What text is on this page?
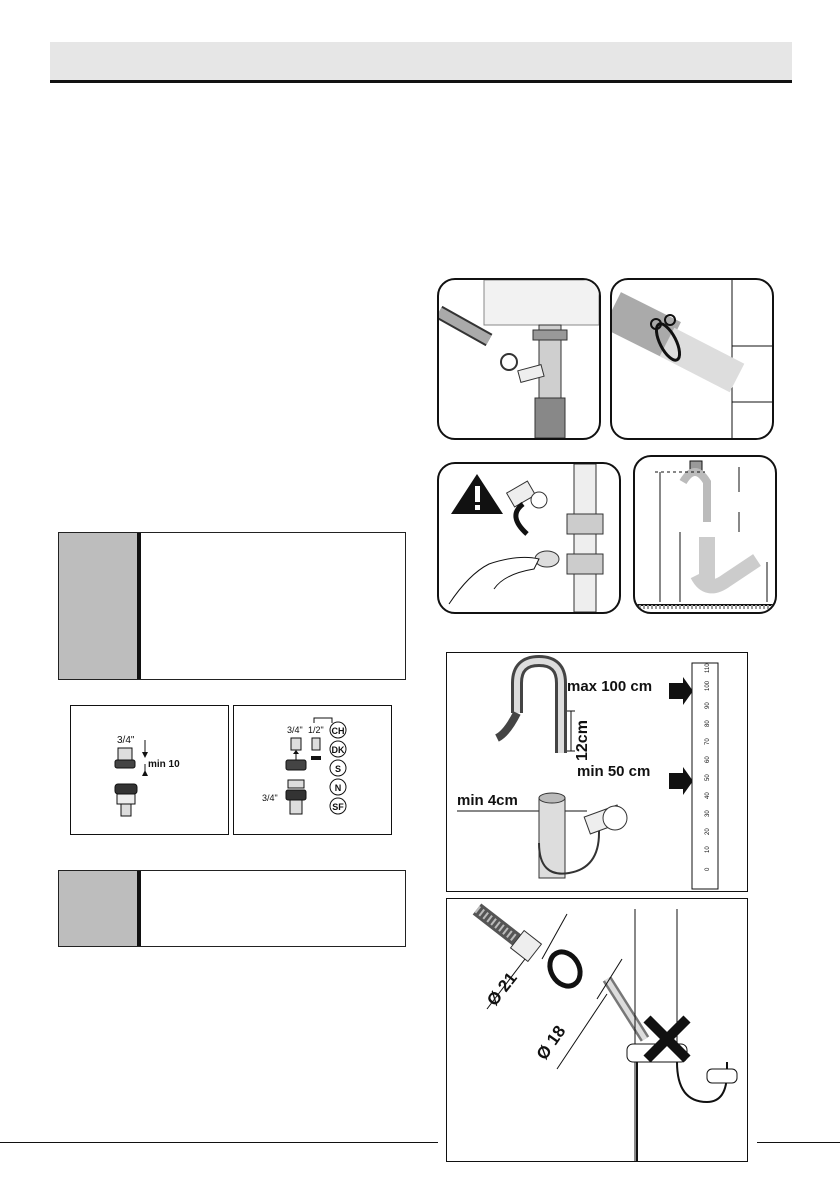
3/4"
min 10
3/4" 1/2"
3/4"
CH
DK
S
N
SF
12cm
max 100 cm
min 50 cm
min 4cm
110
100
90
80
70
60
50
40
30
20
10
0
Ø 21
Ø 18
